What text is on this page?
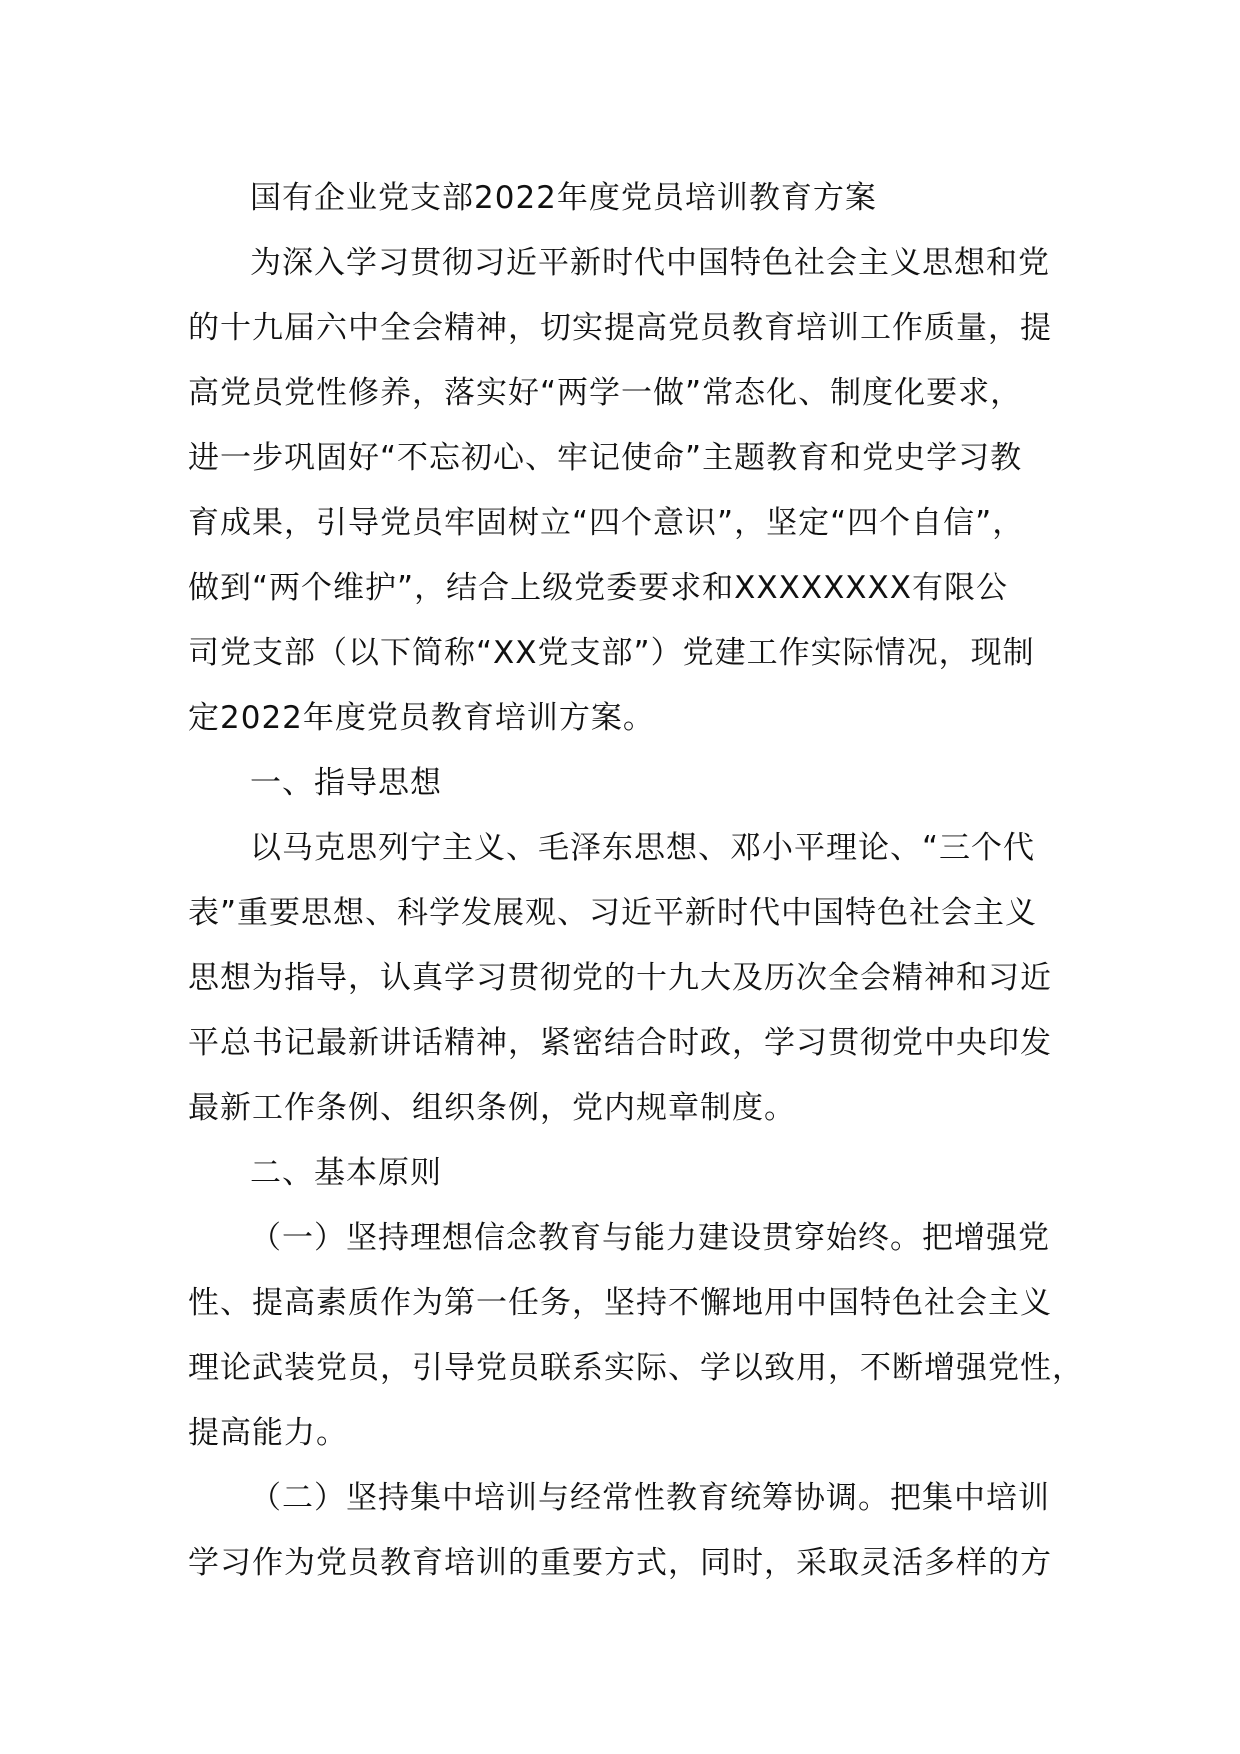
国有企业党支部2022年度党员培训教育方案
为深入学习贯彻习近平新时代中国特色社会主义思想和党
的十九届六中全会精神，切实提高党员教育培训工作质量，提
高党员党性修养，落实好“两学一做”常态化、制度化要求，
进一步巩固好“不忘初心、牢记使命”主题教育和党史学习教
育成果，引导党员牢固树立“四个意识”，坚定“四个自信”，
做到“两个维护”，结合上级党委要求和XXXXXXXX有限公
司党支部（以下简称“XX党支部”）党建工作实际情况，现制
定2022年度党员教育培训方案。
一、指导思想
以马克思列宁主义、毛泽东思想、邓小平理论、“三个代
表”重要思想、科学发展观、习近平新时代中国特色社会主义
思想为指导，认真学习贯彻党的十九大及历次全会精神和习近
平总书记最新讲话精神，紧密结合时政，学习贯彻党中央印发
最新工作条例、组织条例，党内规章制度。
二、基本原则
（一）坚持理想信念教育与能力建设贯穿始终。把增强党
性、提高素质作为第一任务，坚持不懈地用中国特色社会主义
理论武装党员，引导党员联系实际、学以致用，不断增强党性，
提高能力。
（二）坚持集中培训与经常性教育统筹协调。把集中培训
学习作为党员教育培训的重要方式，同时，采取灵活多样的方
